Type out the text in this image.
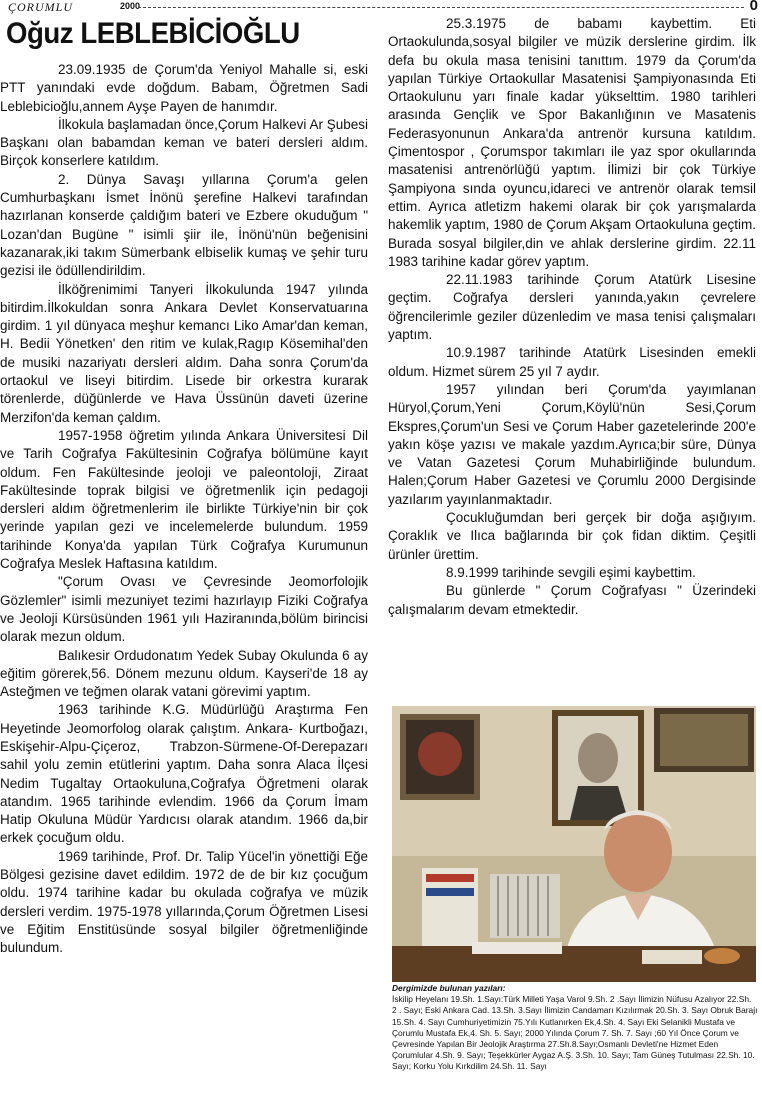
ÇORUMLU	2000	0
Oğuz LEBLEBİCİOĞLU

23.09.1935 de Çorum'da Yeniyol Mahalle si, eski PTT yanındaki evde doğdum. Babam, Öğretmen Sadi Leblebicioğlu,annem Ayşe Payen de hanımdır.

İlkokula başlamadan önce,Çorum Halkevi Ar Şubesi Başkanı olan babamdan keman ve bateri dersleri aldım. Birçok konserlere katıldım.

2. Dünya Savaşı yıllarına Çorum'a gelen Cumhurbaşkanı İsmet İnönü şerefine Halkevi tarafından hazırlanan konserde çaldığım bateri ve Ezbere okuduğum " Lozan'dan Bugüne " isimli şiir ile, İnönü'nün beğenisini kazanarak,iki takım Sümerbank elbiselik kumaş ve şehir turu gezisi ile ödüllendirildim.

İlköğrenimimi Tanyeri İlkokulunda 1947 yılında bitirdim.İlkokuldan sonra Ankara Devlet Konservatuarına girdim. 1 yıl dünyaca meşhur kemancı Liko Amar'dan keman, H. Bedii Yönetken' den ritim ve kulak,Ragıp Kösemihal'den de musiki nazariyatı dersleri aldım. Daha sonra Çorum'da ortaokul ve liseyi bitirdim. Lisede bir orkestra kurarak törenlerde, düğünlerde ve Hava Üssünün daveti üzerine Merzifon'da keman çaldım.

1957-1958 öğretim yılında Ankara Üniversitesi Dil ve Tarih Coğrafya Fakültesinin Coğrafya bölümüne kayıt oldum. Fen Fakültesinde jeoloji ve paleontoloji, Ziraat Fakültesinde toprak bilgisi ve öğretmenlik için pedagoji dersleri aldım öğretmenlerim ile birlikte Türkiye'nin bir çok yerinde yapılan gezi ve incelemelerde bulundum. 1959 tarihinde Konya'da yapılan Türk Coğrafya Kurumunun Coğrafya Meslek Haftasına katıldım.

"Çorum Ovası ve Çevresinde Jeomorfolojik Gözlemler" isimli mezuniyet tezimi hazırlayıp Fiziki Coğrafya ve Jeoloji Kürsüsünden 1961 yılı Haziranında,bölüm birincisi olarak mezun oldum.

Balıkesir Ordudonatım Yedek Subay Okulunda 6 ay eğitim görerek,56. Dönem mezunu oldum. Kayseri'de 18 ay Asteğmen ve teğmen olarak vatani görevimi yaptım.

1963 tarihinde K.G. Müdürlüğü Araştırma Fen Heyetinde Jeomorfolog olarak çalıştım. Ankara- Kurtboğazı, Eskişehir-Alpu-Çiçeroz, Trabzon-Sürmene-Of-Derepazarı sahil yolu zemin etütlerini yaptım. Daha sonra Alaca İlçesi Nedim Tugaltay Ortaokuluna,Coğrafya Öğretmeni olarak atandım. 1965 tarihinde evlendim. 1966 da Çorum İmam Hatip Okuluna Müdür Yardıcısı olarak atandım. 1966 da,bir erkek çocuğum oldu.

1969 tarihinde, Prof. Dr. Talip Yücel'in yönettiği Eğe Bölgesi gezisine davet edildim. 1972 de de bir kız çocuğum oldu. 1974 tarihine kadar bu okulada coğrafya ve müzik dersleri verdim. 1975-1978 yıllarında,Çorum Öğretmen Lisesi ve Eğitim Enstitüsünde sosyal bilgiler öğretmenliğinde bulundum.

25.3.1975 de babamı kaybettim. Eti Ortaokulunda,sosyal bilgiler ve müzik derslerine girdim. İlk defa bu okula masa tenisini tanıttım. 1979 da Çorum'da yapılan Türkiye Ortaokullar Masatenisi Şampiyonasında Eti Ortaokulunu yarı finale kadar yükselttim. 1980 tarihleri arasında Gençlik ve Spor Bakanlığının ve Masatenis Federasyonunun Ankara'da antrenör kursuna katıldım. Çimentospor , Çorumspor takımları ile yaz spor okullarında masatenisi antrenörlüğü yaptım. İlimizi bir çok Türkiye Şampiyona sında oyuncu,idareci ve antrenör olarak temsil ettim. Ayrıca atletizm hakemi olarak bir çok yarışmalarda hakemlik yaptım, 1980 de Çorum Akşam Ortaokuluna geçtim. Burada sosyal bilgiler,din ve ahlak derslerine girdim. 22.11 1983 tarihine kadar görev yaptım.

22.11.1983 tarihinde Çorum Atatürk Lisesine geçtim. Coğrafya dersleri yanında,yakın çevrelere öğrencilerimle geziler düzenledim ve masa tenisi çalışmaları yaptım.

10.9.1987 tarihinde Atatürk Lisesinden emekli oldum. Hizmet sürem 25 yıl 7 aydır.

1957 yılından beri Çorum'da yayımlanan Hüryol,Çorum,Yeni Çorum,Köylü'nün Sesi,Çorum Ekspres,Çorum'un Sesi ve Çorum Haber gazetelerinde 200'e yakın köşe yazısı ve makale yazdım.Ayrıca;bir süre, Dünya ve Vatan Gazetesi Çorum Muhabirliğinde bulundum. Halen;Çorum Haber Gazetesi ve Çorumlu 2000 Dergisinde yazılarım yayınlanmaktadır.

Çocukluğumdan beri gerçek bir doğa aşığıyım. Çoraklık ve Ilıca bağlarında bir çok fidan diktim. Çeşitli ürünler ürettim.

8.9.1999 tarihinde sevgili eşimi kaybettim.

Bu günlerde " Çorum Coğrafyası " Üzerindeki çalışmalarım devam etmektedir.

Dergimizde bulunan yazıları:
İskilip Heyelanı 19.Sh. 1.Sayı:Türk Milleti Yaşa Varol 9.Sh. 2 .Sayı İlimizin Nüfusu Azalıyor 22.Sh. 2 . Sayı; Eski Ankara Cad. 13.Sh. 3.Sayı İlimizin Candamarı Kızılırmak 20.Sh. 3. Sayı Obruk Barajı 15.Sh. 4. Sayı Cumhuriyetimizin 75.Yılı Kutlanırken Ek,4.Sh. 4. Sayı Eki Selanikli Mustafa ve Çorumlu Mustafa Ek,4. Sh. 5. Sayı; 2000 Yılında Çorum 7. Sh. 7. Sayı ;60 Yıl Önce Çorum ve Çevresinde Yapılan Bir Jeolojik Araştırma 27.Sh.8.Sayı;Osmanlı Devleti'ne Hizmet Eden Çorumlular 4.Sh. 9. Sayı; Teşekkürler Aygaz A.Ş. 3.Sh. 10. Sayı; Tam Güneş Tutulması 22.Sh. 10. Sayı; Korku Yolu Kırkdilim 24.Sh. 11. Sayı
